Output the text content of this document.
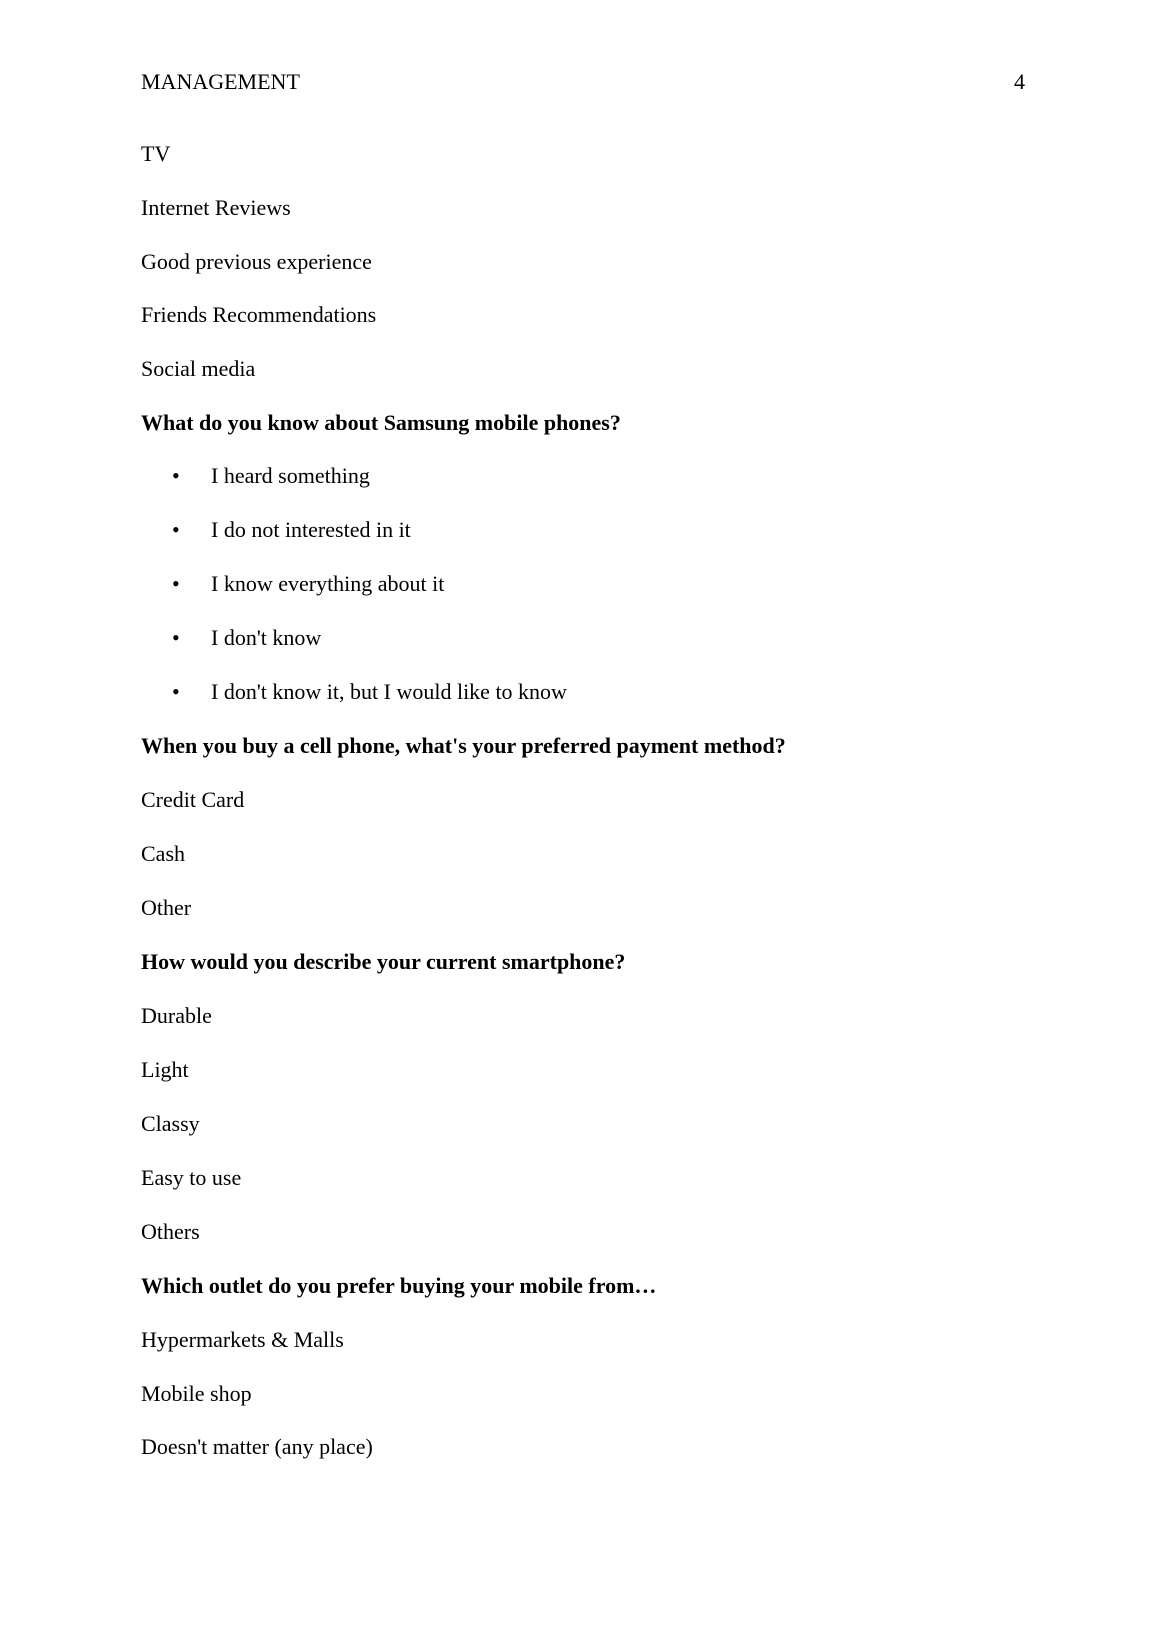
MANAGEMENT	4
TV
Internet Reviews
Good previous experience
Friends Recommendations
Social media
What do you know about Samsung mobile phones?
• I heard something
• I do not interested in it
• I know everything about it
• I don't know
• I don't know it, but I would like to know
When you buy a cell phone, what's your preferred payment method?
Credit Card
Cash
Other
How would you describe your current smartphone?
Durable
Light
Classy
Easy to use
Others
Which outlet do you prefer buying your mobile from…
Hypermarkets & Malls
Mobile shop
Doesn't matter (any place)
